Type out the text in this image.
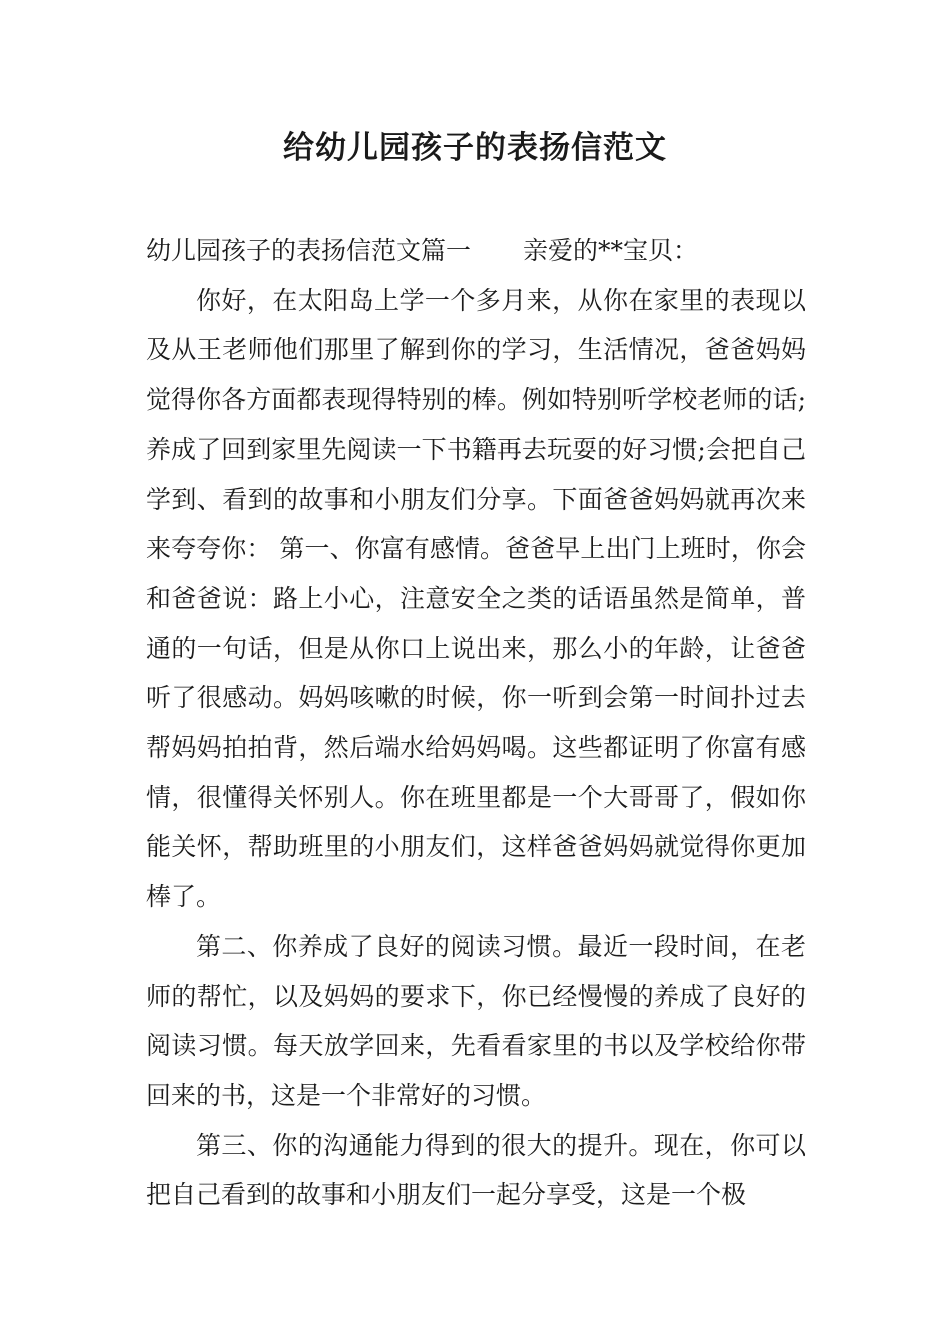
给幼儿园孩子的表扬信范文

幼儿园孩子的表扬信范文篇一 亲爱的**宝贝：

你好，在太阳岛上学一个多月来，从你在家里的表现以及从王老师他们那里了解到你的学习，生活情况，爸爸妈妈觉得你各方面都表现得特别的棒。例如特别听学校老师的话;养成了回到家里先阅读一下书籍再去玩耍的好习惯;会把自己学到、看到的故事和小朋友们分享。下面爸爸妈妈就再次来来夸夸你： 第一、你富有感情。爸爸早上出门上班时，你会和爸爸说：路上小心，注意安全之类的话语虽然是简单，普通的一句话，但是从你口上说出来，那么小的年龄，让爸爸听了很感动。妈妈咳嗽的时候，你一听到会第一时间扑过去帮妈妈拍拍背，然后端水给妈妈喝。这些都证明了你富有感情，很懂得关怀别人。你在班里都是一个大哥哥了，假如你能关怀，帮助班里的小朋友们，这样爸爸妈妈就觉得你更加棒了。

第二、你养成了良好的阅读习惯。最近一段时间，在老师的帮忙，以及妈妈的要求下，你已经慢慢的养成了良好的阅读习惯。每天放学回来，先看看家里的书以及学校给你带回来的书，这是一个非常好的习惯。

第三、你的沟通能力得到的很大的提升。现在，你可以把自己看到的故事和小朋友们一起分享受，这是一个极
